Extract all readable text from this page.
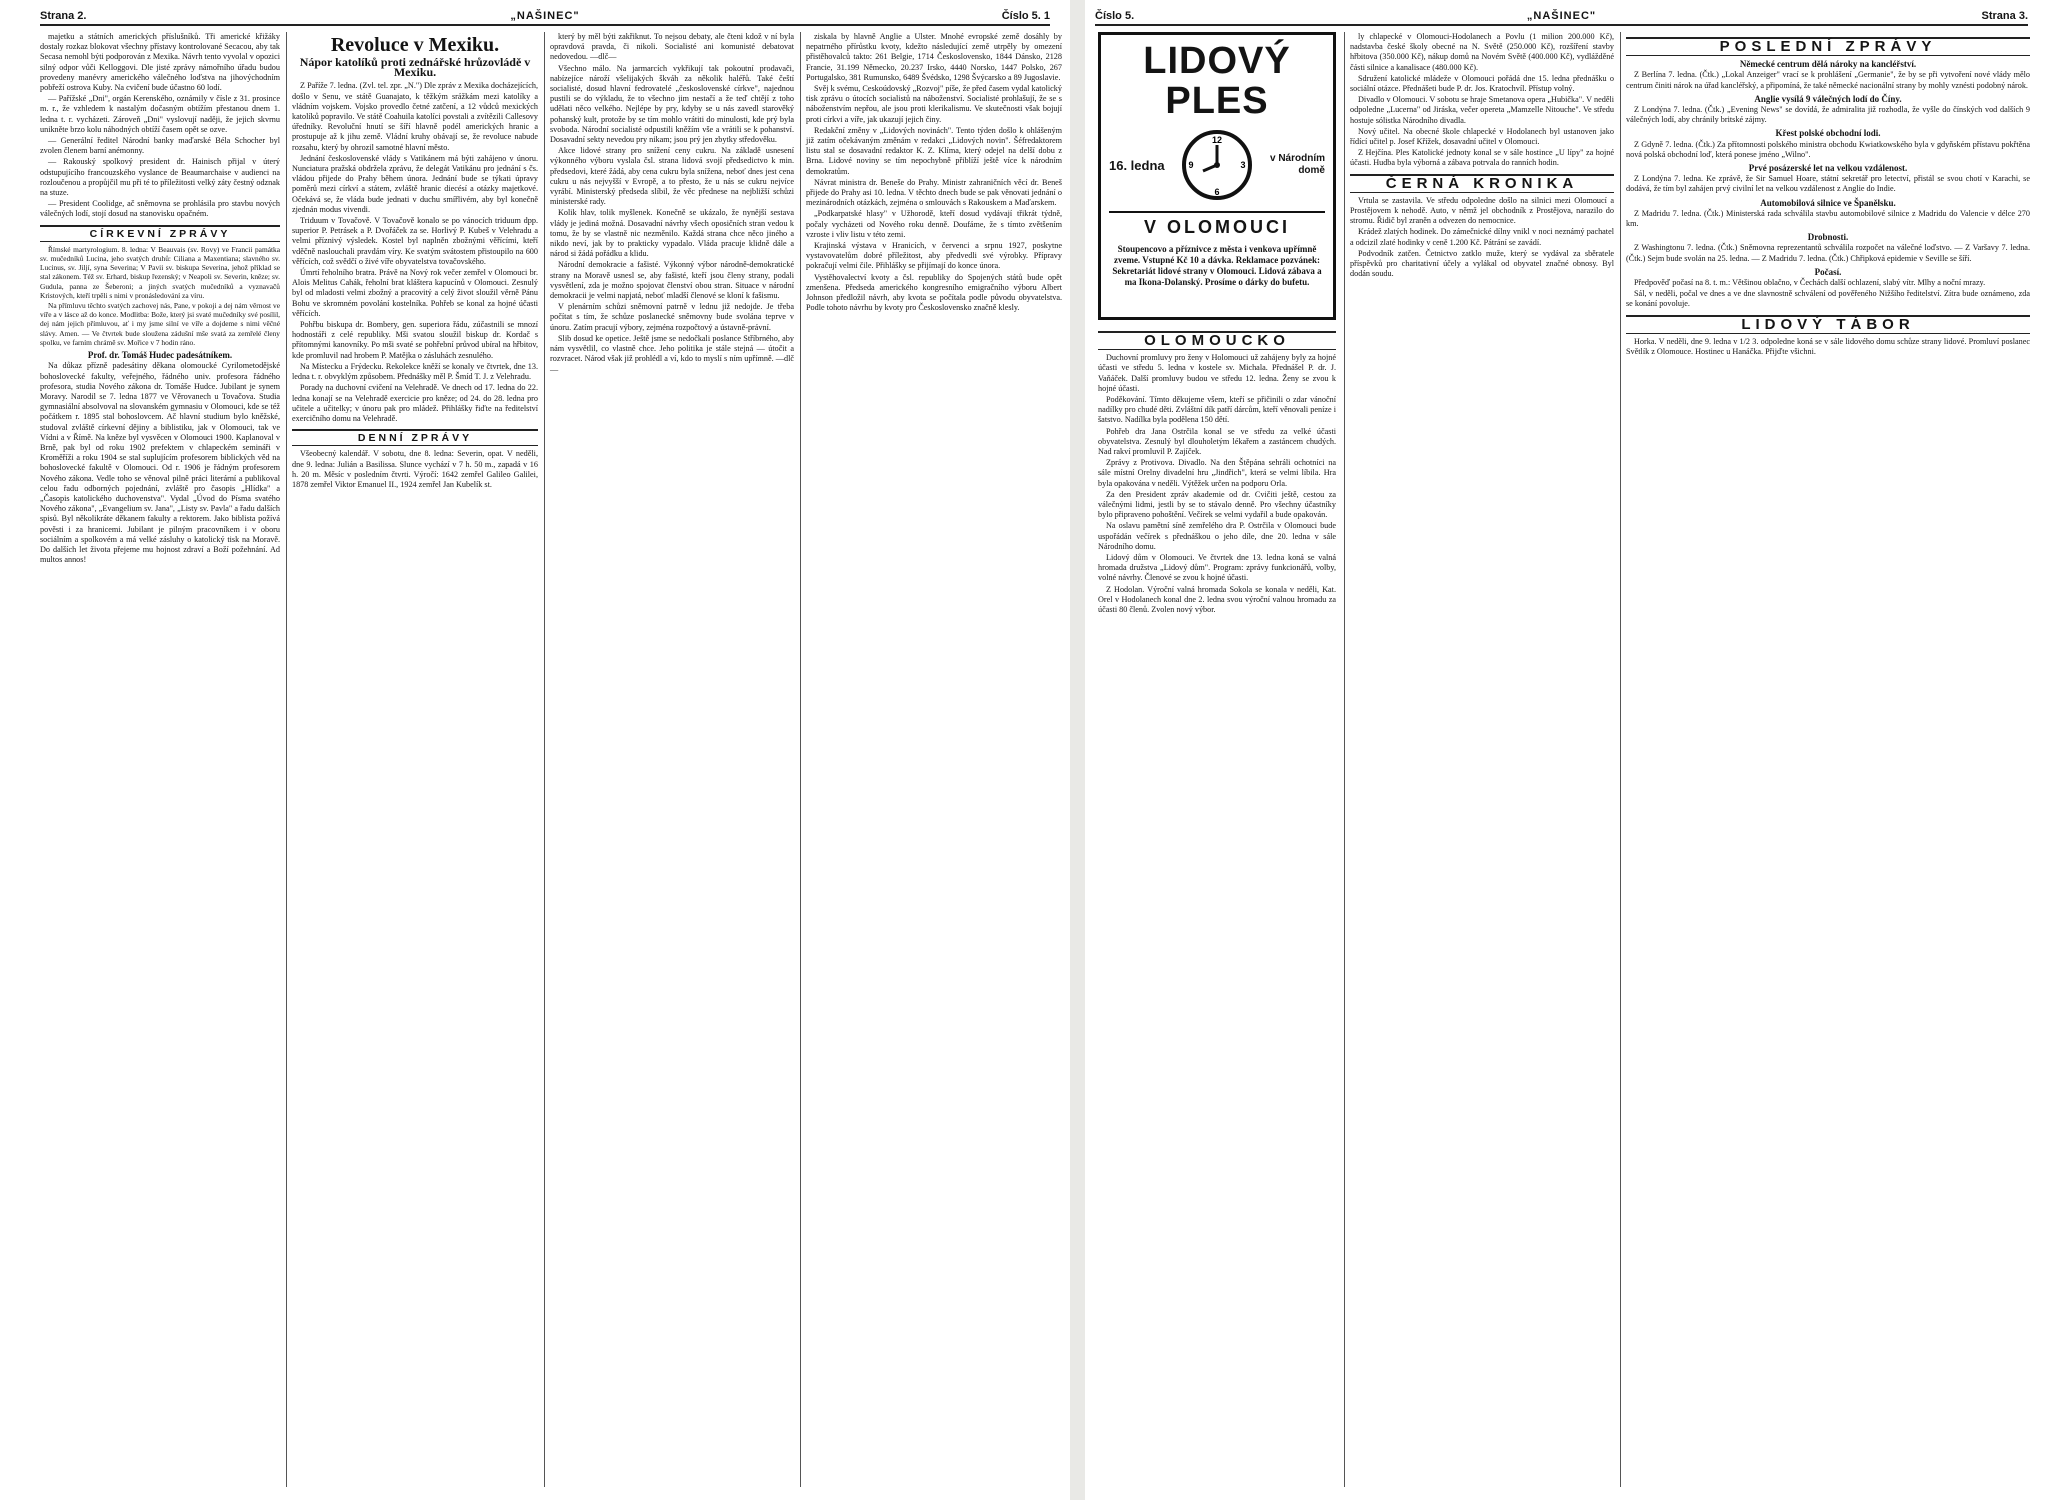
Strana 2.	„NAŠINEC"	Číslo 5. 1

majetku a státních amerických příslušníků. Tři americké křižáky dostaly rozkaz blokovat všechny přístavy kontrolované Secacou, aby tak Secasa nemohl býti podporován z Mexika. Návrh tento vyvolal v opozici silný odpor vůči Kelloggovi. Dle jisté zprávy námořního úřadu budou provedeny manévry amerického válečného loďstva na jihovýchodním pobřeží ostrova Kuby. Na cvičení bude účastno 60 lodí.

— Pařížské „Dni", orgán Kerenského, oznámily v čísle z 31. prosince m. r., že vzhledem k nastalým dočasným obtížím přestanou dnem 1. ledna t. r. vycházeti. Zároveň „Dni" vyslovují naději, že jejich skvrnu unikněte brzo kolu náhodných obtíží časem opět se ozve.

— Generální ředitel Národní banky maďarské Béla Schocher byl zvolen členem barní anémonny.

— Rakouský spolkový president dr. Hainisch přijal v úterý odstupujícího francouzského vyslance de Beaumarchaise v audienci na rozloučenou a propůjčil mu při té to příležitosti velký záty čestný odznak na stuze.

— President Coolidge, ač sněmovna se prohlásila pro stavbu nových válečných lodí, stojí dosud na stanovisku opačném.

CÍRKEVNÍ ZPRÁVY

Římské martyrologium. 8. ledna: V Beauvais (sv. Rovy) ve Francii památka sv. mučedníků Lucina, jeho svatých druhů: Ciliana a Maxentiana; slavného sv. Lucinus, sv. Jiljí, syna Severina; V Pavii sv. biskupa Severina, jehož příklad se stal zákonem. Též sv. Erhard, biskup řezenský; v Neapoli sv. Severin, kněze; sv. Gudula, panna ze Šeberoni; a jiných svatých mučedníků a vyznavačů Kristových, kteří trpěli s nimi v pronásledování za víru.

Na přímluvu těchto svatých zachovej nás, Pane, v pokoji a dej nám věrnost ve víře a v lásce až do konce. Modlitba: Bože, který jsi svaté mučedníky své posílil, dej nám jejich přímluvou, ať i my jsme silní ve víře a dojdeme s nimi věčné slávy. Amen. — Ve čtvrtek bude sloužena zádušní mše svatá za zemřelé členy spolku, ve farním chrámě sv. Mořice v 7 hodin ráno.

Prof. dr. Tomáš Hudec padesátníkem.

Na důkaz přízně padesátiny děkana olomoucké Cyrilometodějské bohoslovecké fakulty, veřejného, řádného univ. profesora řádného profesora, studia Nového zákona dr. Tomáše Hudce. Jubilant je synem Moravy. Narodil se 7. ledna 1877 ve Věrovanech u Tovačova. Studia gymnasiální absolvoval na slovanském gymnasiu v Olomouci, kde se též počátkem r. 1895 stal bohoslovcem. Ač hlavní studium bylo kněžské, studoval zvláště církevní dějiny a biblistiku, jak v Olomouci, tak ve Vídni a v Římě. Na kněze byl vysvěcen v Olomouci 1900. Kaplanoval v Brně, pak byl od roku 1902 prefektem v chlapeckém semináři v Kroměříži a roku 1904 se stal suplujícím profesorem biblických věd na bohoslovecké fakultě v Olomouci. Od r. 1906 je řádným profesorem Nového zákona. Vedle toho se věnoval pilně práci literární a publikoval celou řadu odborných pojednání, zvláště pro časopis „Hlídka" a „Časopis katolického duchovenstva". Vydal „Úvod do Písma svatého Nového zákona", „Evangelium sv. Jana", „Listy sv. Pavla" a řadu dalších spisů. Byl několikráte děkanem fakulty a rektorem. Jako biblista požívá pověsti i za hranicemi. Jubilant je pilným pracovníkem i v oboru sociálním a spolkovém a má velké zásluhy o katolický tisk na Moravě. Do dalších let života přejeme mu hojnost zdraví a Boží požehnání. Ad multos annos!

Revoluce v Mexiku.
Nápor katolíků proti zednářské hrůzovládě v Mexiku.

Z Paříže 7. ledna. (Zvl. tel. zpr. „N.") Dle zpráv z Mexika docházejících, došlo v Senu, ve státě Guanajato, k těžkým srážkám mezi katolíky a vládním vojskem. Vojsko provedlo četné zatčení, a 12 vůdců mexických katolíků popravilo. Ve státě Coahuila katolíci povstali a zvítězili Callesovy úředníky. Revoluční hnutí se šíří hlavně podél amerických hranic a prostupuje až k jihu země. Vládní kruhy obávají se, že revoluce nabude rozsahu, který by ohrozil samotné hlavní město.

Jednání československé vlády s Vatikánem má býti zahájeno v únoru. Nunciatura pražská obdržela zprávu, že delegát Vatikánu pro jednání s čs. vládou přijede do Prahy během února. Jednání bude se týkati úpravy poměrů mezi církví a státem, zvláště hranic diecésí a otázky majetkové. Očekává se, že vláda bude jednati v duchu smířlivém, aby byl konečně zjednán modus vivendi.

Triduum v Tovačově. V Tovačově konalo se po vánocích triduum dpp. superior P. Petrásek a P. Dvořáček za se. Horlivý P. Kubeš v Velehradu a velmi příznivý výsledek. Kostel byl naplněn zbožnými věřícími, kteří vděčně naslouchali pravdám víry. Ke svatým svátostem přistoupilo na 600 věřících, což svědčí o živé víře obyvatelstva tovačovského.

Úmrtí řeholního bratra. Právě na Nový rok večer zemřel v Olomouci br. Alois Melitus Cahák, řeholní brat kláštera kapucínů v Olomouci. Zesnulý byl od mladosti velmi zbožný a pracovitý a celý život sloužil věrně Pánu Bohu ve skromném povolání kostelníka. Pohřeb se konal za hojné účasti věřících.

Pohřbu biskupa dr. Bombery, gen. superiora řádu, zúčastnili se mnozí hodnostáři z celé republiky. Mši svatou sloužil biskup dr. Kordač s přítomnými kanovníky. Po mši svaté se pohřební průvod ubíral na hřbitov, kde promluvil nad hrobem P. Matějka o zásluhách zesnulého.

Na Místecku a Frýdecku. Rekolekce kněží se konaly ve čtvrtek, dne 13. ledna t. r. obvyklým způsobem. Přednášky měl P. Šmíd T. J. z Velehradu.

Porady na duchovní cvičení na Velehradě. Ve dnech od 17. ledna do 22. ledna konají se na Velehradě exercicie pro kněze; od 24. do 28. ledna pro učitele a učitelky; v únoru pak pro mládež. Přihlášky řiďte na ředitelství exercičního domu na Velehradě.

DENNÍ ZPRÁVY

Všeobecný kalendář. V sobotu, dne 8. ledna: Severin, opat. V neděli, dne 9. ledna: Julián a Basilissa. Slunce vychází v 7 h. 50 m., zapadá v 16 h. 20 m. Měsíc v posledním čtvrti. Výročí: 1642 zemřel Galileo Galilei, 1878 zemřel Viktor Emanuel II., 1924 zemřel Jan Kubelík st.

který by měl býti zakřiknut. To nejsou debaty, ale čteni kdož v ní byla opravdová pravda, či nikoli. Socialisté ani komunisté debatovat nedovedou. —dlč—

Všechno málo. Na jarmarcích vykřikují tak pokoutní prodavači, nabízejíce nároží všelijakých škváh za několik haléřů. Také čeští socialisté, dosud hlavní fedrovatelé „československé církve", najednou pustili se do výkladu, že to všechno jim nestačí a že teď chtějí z toho udělati něco velkého. Nejlépe by pry, kdyby se u nás zavedl starověký pohanský kult, protože by se tím mohlo vrátiti do minulosti, kde prý byla svoboda. Národní socialisté odpustili kněžím vše a vrátili se k pohanství. Dosavadní sekty nevedou pry nikam; jsou prý jen zbytky středověku.

Akce lidové strany pro snížení ceny cukru. Na základě usnesení výkonného výboru vyslala čsl. strana lidová svojí předsedictvo k min. předsedovi, které žádá, aby cena cukru byla snížena, neboť dnes jest cena cukru u nás nejvyšší v Evropě, a to přesto, že u nás se cukru nejvíce vyrábí. Ministerský předseda slíbil, že věc přednese na nejbližší schůzi ministerské rady.

Kolik hlav, tolik myšlenek. Konečně se ukázalo, že nynější sestava vlády je jediná možná. Dosavadní návrhy všech oposičních stran vedou k tomu, že by se vlastně nic nezměnilo. Každá strana chce něco jiného a nikdo neví, jak by to prakticky vypadalo. Vláda pracuje klidně dále a národ si žádá pořádku a klidu.

Národní demokracie a fašisté. Výkonný výbor národně-demokratické strany na Moravě usnesl se, aby fašisté, kteří jsou členy strany, podali vysvětlení, zda je možno spojovat členství obou stran. Situace v národní demokracii je velmi napjatá, neboť mladší členové se kloní k fašismu.

V plenárním schůzi sněmovní patrně v lednu již nedojde. Je třeba počítat s tím, že schůze poslanecké sněmovny bude svolána teprve v únoru. Zatím pracují výbory, zejména rozpočtový a ústavně-právní.

Slib dosud ke opetice. Ještě jsme se nedočkali poslance Stříbrného, aby nám vysvětlil, co vlastně chce. Jeho politika je stále stejná — útočit a rozvracet. Národ však již prohlédl a ví, kdo to myslí s ním upřímně. —dlč—

ziskala by hlavně Anglie a Ulster. Mnohé evropské země dosáhly by nepatrného přírůstku kvoty, kdežto následující země utrpěly by omezení přistěhovalců takto: 261 Belgie, 1714 Československo, 1844 Dánsko, 2128 Francie, 31.199 Německo, 20.237 Irsko, 4440 Norsko, 1447 Polsko, 267 Portugalsko, 381 Rumunsko, 6489 Švédsko, 1298 Švýcarsko a 89 Jugoslavie.

Svěj k svému, Ceskoúdovský „Rozvoj" píše, že před časem vydal katolický tisk zprávu o útocích socialistů na náboženství. Socialisté prohlašují, že se s náboženstvím nepřou, ale jsou proti klerikalismu. Ve skutečnosti však bojují proti církvi a víře, jak ukazují jejich činy.

Redakční změny v „Lidových novinách". Tento týden došlo k ohlášeným již zatím očekávaným změnám v redakci „Lidových novin". Šéfredaktorem listu stal se dosavadní redaktor K. Z. Klíma, který odejel na delší dobu z Brna. Lidové noviny se tím nepochybně přiblíží ještě více k národním demokratům.

Návrat ministra dr. Beneše do Prahy. Ministr zahraničních věcí dr. Beneš přijede do Prahy asi 10. ledna. V těchto dnech bude se pak věnovati jednání o mezinárodních otázkách, zejména o smlouvách s Rakouskem a Maďarskem.

„Podkarpatské hlasy" v Užhorodě, kteří dosud vydávají třikrát týdně, počaly vycházeti od Nového roku denně. Doufáme, že s tímto zvětšením vzroste i vliv listu v této zemi.

Krajinská výstava v Hranicích, v červenci a srpnu 1927, poskytne vystavovatelům dobré příležitost, aby předvedli své výrobky. Přípravy pokračují velmi čile. Přihlášky se přijímají do konce února.

Vystěhovalectví kvoty a čsl. republiky do Spojených států bude opět zmenšena. Předseda amerického kongresního emigračního výboru Albert Johnson předložil návrh, aby kvota se počítala podle původu obyvatelstva. Podle tohoto návrhu by kvoty pro Československo značně klesly.

Číslo 5.	„NAŠINEC"	Strana 3.
LIDOVÝ PLES
16. ledna
12
3
6
9
v Národním domě
V OLOMOUCI
Stoupencovo a příznivce z města i venkova upřímně zveme. Vstupné Kč 10 a dávka. Reklamace pozvánek: Sekretariát lidové strany v Olomouci. Lidová zábava a ma Ikona-Dolanský. Prosíme o dárky do bufetu.
OLOMOUCKO

Duchovní promluvy pro ženy v Holomouci už zahájeny byly za hojné účasti ve středu 5. ledna v kostele sv. Michala. Přednášel P. dr. J. Vaňáček. Další promluvy budou ve středu 12. ledna. Ženy se zvou k hojné účasti.

Poděkování. Tímto děkujeme všem, kteří se přičinili o zdar vánoční nadílky pro chudé děti. Zvláštní dík patří dárcům, kteří věnovali peníze i šatstvo. Nadílka byla podělena 150 dětí.

Pohřeb dra Jana Ostrčila konal se ve středu za velké účasti obyvatelstva. Zesnulý byl dlouholetým lékařem a zastáncem chudých. Nad rakví promluvil P. Zajíček.

Zprávy z Protivova. Divadlo. Na den Štěpána sehráli ochotníci na sále místní Orelny divadelní hru „Jindřich", která se velmi líbila. Hra byla opakována v neděli. Výtěžek určen na podporu Orla.

Za den President zpráv akademie od dr. Cvičiti ještě, cestou za válečnými lidmi, jestli by se to stávalo denně. Pro všechny účastníky bylo připraveno pohoštění. Večírek se velmi vydařil a bude opakován.

Na oslavu pamětní síně zemřelého dra P. Ostrčila v Olomouci bude uspořádán večírek s přednáškou o jeho díle, dne 20. ledna v sále Národního domu.

Lidový dům v Olomouci. Ve čtvrtek dne 13. ledna koná se valná hromada družstva „Lidový dům". Program: zprávy funkcionářů, volby, volné návrhy. Členové se zvou k hojné účasti.

Z Hodolan. Výroční valná hromada Sokola se konala v neděli, Kat. Orel v Hodolanech konal dne 2. ledna svou výroční valnou hromadu za účasti 80 členů. Zvolen nový výbor.

ly chlapecké v Olomouci-Hodolanech a Povlu (1 milion 200.000 Kč), nadstavba české školy obecné na N. Světě (250.000 Kč), rozšíření stavby hřbitova (350.000 Kč), nákup domů na Novém Světě (400.000 Kč), vydlážděné části silnice a kanalisace (480.000 Kč).

Sdružení katolické mládeže v Olomouci pořádá dne 15. ledna přednášku o sociální otázce. Přednášeti bude P. dr. Jos. Kratochvíl. Přístup volný.

Divadlo v Olomouci. V sobotu se hraje Smetanova opera „Hubička". V neděli odpoledne „Lucerna" od Jiráska, večer opereta „Mamzelle Nitouche". Ve středu hostuje sólistka Národního divadla.

Nový učitel. Na obecné škole chlapecké v Hodolanech byl ustanoven jako řídící učitel p. Josef Křížek, dosavadní učitel v Olomouci.

Z Hejčína. Ples Katolické jednoty konal se v sále hostince „U lípy" za hojné účasti. Hudba byla výborná a zábava potrvala do ranních hodin.

ČERNÁ KRONIKA

Vrtula se zastavila. Ve středu odpoledne došlo na silnici mezi Olomoucí a Prostějovem k nehodě. Auto, v němž jel obchodník z Prostějova, narazilo do stromu. Řidič byl zraněn a odvezen do nemocnice.

Krádež zlatých hodinek. Do zámečnické dílny vnikl v noci neznámý pachatel a odcizil zlaté hodinky v ceně 1.200 Kč. Pátrání se zavádí.

Podvodník zatčen. Četnictvo zatklo muže, který se vydával za sběratele příspěvků pro charitativní účely a vylákal od obyvatel značné obnosy. Byl dodán soudu.

POSLEDNÍ ZPRÁVY
Německé centrum dělá nároky na kancléřství.

Z Berlína 7. ledna. (Čtk.) „Lokal Anzeiger" vrací se k prohlášení „Germanie", že by se při vytvoření nové vlády mělo centrum činiti nárok na úřad kancléřský, a připomíná, že také německé nacionální strany by mohly vznésti podobný nárok.

Anglie vysílá 9 válečných lodí do Číny.

Z Londýna 7. ledna. (Čtk.) „Evening News" se dovídá, že admiralita již rozhodla, že vyšle do čínských vod dalších 9 válečných lodí, aby chránily britské zájmy.

Křest polské obchodní lodi.

Z Gdyně 7. ledna. (Čtk.) Za přítomnosti polského ministra obchodu Kwiatkowského byla v gdyňském přístavu pokřtěna nová polská obchodní loď, která ponese jméno „Wilno".

Prvé posázerské let na velkou vzdálenost.

Z Londýna 7. ledna. Ke zprávě, že Sir Samuel Hoare, státní sekretář pro letectví, přistál se svou chotí v Karachi, se dodává, že tím byl zahájen prvý civilní let na velkou vzdálenost z Anglie do Indie.

Automobilová silnice ve Španělsku.

Z Madridu 7. ledna. (Čtk.) Ministerská rada schválila stavbu automobilové silnice z Madridu do Valencie v délce 270 km.

Drobnosti.

Z Washingtonu 7. ledna. (Čtk.) Sněmovna reprezentantů schválila rozpočet na válečné loďstvo. — Z Varšavy 7. ledna. (Čtk.) Sejm bude svolán na 25. ledna. — Z Madridu 7. ledna. (Čtk.) Chřipková epidemie v Seville se šíří.

Počasí.

Předpověď počasí na 8. t. m.: Většinou oblačno, v Čechách další ochlazení, slabý vítr. Mlhy a noční mrazy.

Sál, v neděli, počal ve dnes a ve dne slavnostně schválení od pověřeného Nižšího ředitelství. Zítra bude oznámeno, zda se konání povoluje.

LIDOVÝ TÁBOR

Horka. V neděli, dne 9. ledna v 1/2 3. odpoledne koná se v sále lidového domu schůze strany lidové. Promluví poslanec Světlík z Olomouce. Hostinec u Hanáčka. Přijďte všichni.
